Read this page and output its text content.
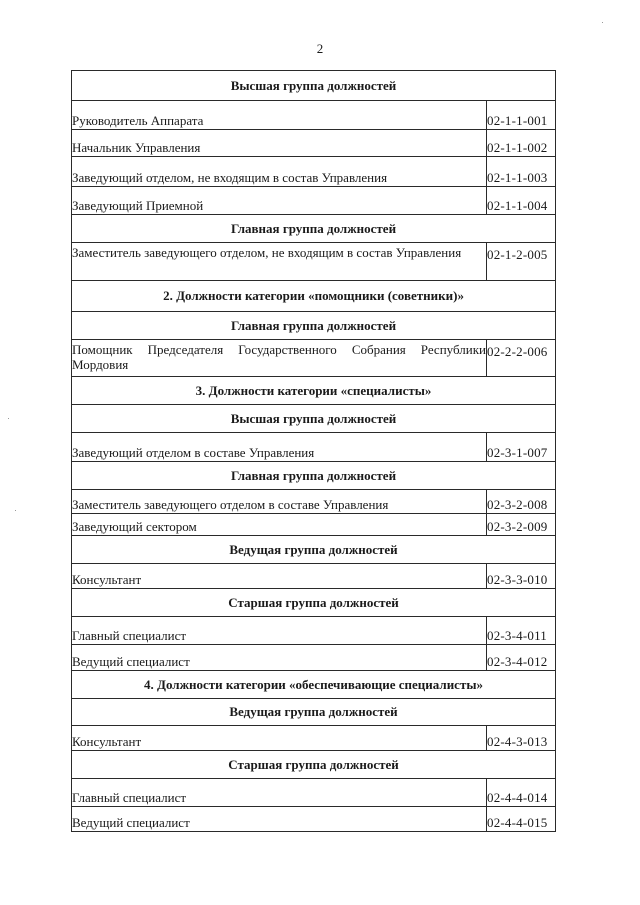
2
Высшая группа должностей	
Руководитель Аппарата	02-1-1-001
Начальник Управления	02-1-1-002
Заведующий отделом, не входящим в состав Управления	02-1-1-003
Заведующий Приемной	02-1-1-004
Главная группа должностей	
Заместитель заведующего отделом, не входящим в состав Управления	02-1-2-005
2. Должности категории «помощники (советники)»	
Главная группа должностей	
Помощник Председателя Государственного Собрания Республики Мордовия	02-2-2-006
3. Должности категории «специалисты»	
Высшая группа должностей	
Заведующий отделом в составе Управления	02-3-1-007
Главная группа должностей	
Заместитель заведующего отделом в составе Управления	02-3-2-008
Заведующий сектором	02-3-2-009
Ведущая группа должностей	
Консультант	02-3-3-010
Старшая группа должностей	
Главный специалист	02-3-4-011
Ведущий специалист	02-3-4-012
4. Должности категории «обеспечивающие специалисты»	
Ведущая группа должностей	
Консультант	02-4-3-013
Старшая группа должностей	
Главный специалист	02-4-4-014
Ведущий специалист	02-4-4-015
